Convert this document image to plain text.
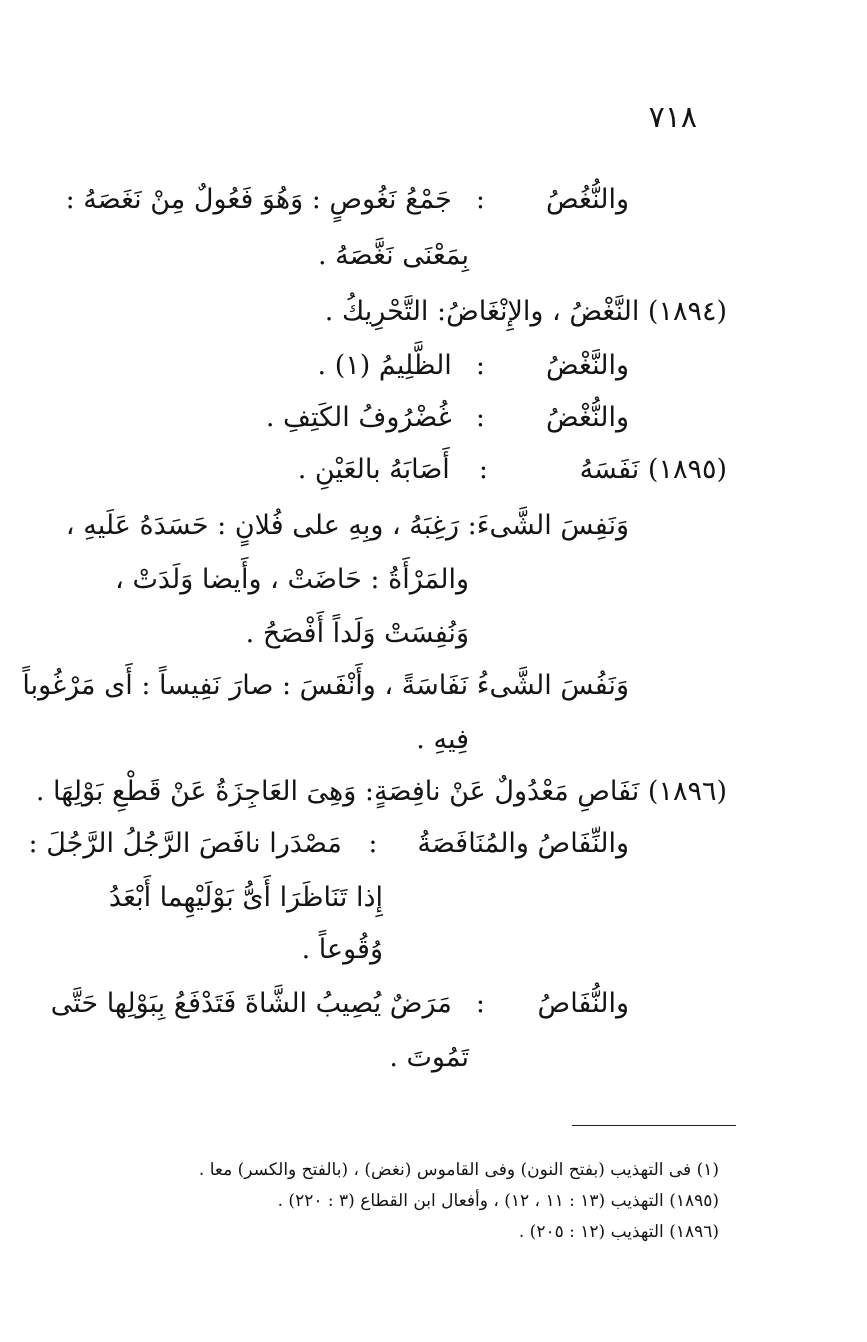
٧١٨
والنُّغُصُ : جَمْعُ نَغُوصٍ : وَهُوَ فَعُولٌ مِنْ نَغَصَهُ :
بِمَعْنَى نَغَّصَهُ .
(١٨٩٤) النَّغْضُ ، والإِنْغَاضُ: التَّحْرِيكُ .
والنَّغْضُ : الظَّلِيمُ (١) .
والنُّغْضُ : غُضْرُوفُ الكَتِفِ .
(١٨٩٥) نَفَسَهُ : أَصَابَهُ بالعَيْنِ .
وَنَفِسَ الشَّىءَ: رَغِبَهُ ، وبِهِ على فُلانٍ : حَسَدَهُ عَلَيهِ ،
والمَرْأَةُ : حَاضَتْ ، وأَيضا وَلَدَتْ ،
وَنُفِسَتْ وَلَداً أَفْصَحُ .
وَنَفُسَ الشَّىءُ نَفَاسَةً ، وأَنْفَسَ : صارَ نَفِيساً : أَى مَرْغُوباً
فِيهِ .
(١٨٩٦) نَفَاصِ مَعْدُولٌ عَنْ نافِصَةٍ: وَهِىَ العَاجِزَةُ عَنْ قَطْعِ بَوْلِهَا .
والنِّفَاصُ والمُنَافَصَةُ : مَصْدَرا نافَصَ الرَّجُلُ الرَّجُلَ :
إِذا تَنَاظَرَا أَىُّ بَوْلَيْهِما أَبْعَدُ
وُقُوعاً .
والنُّفَاصُ : مَرَضٌ يُصِيبُ الشَّاةَ فَتَدْفَعُ بِبَوْلِها حَتَّى
تَمُوتَ .
(١) فى التهذيب (بفتح النون) وفى القاموس (نغض) ، (بالفتح والكسر) معا .
(١٨٩٥) التهذيب (١٣ : ١١ ، ١٢) ، وأفعال ابن القطاع (٣ : ٢٢٠) .
(١٨٩٦) التهذيب (١٢ : ٢٠٥) .
